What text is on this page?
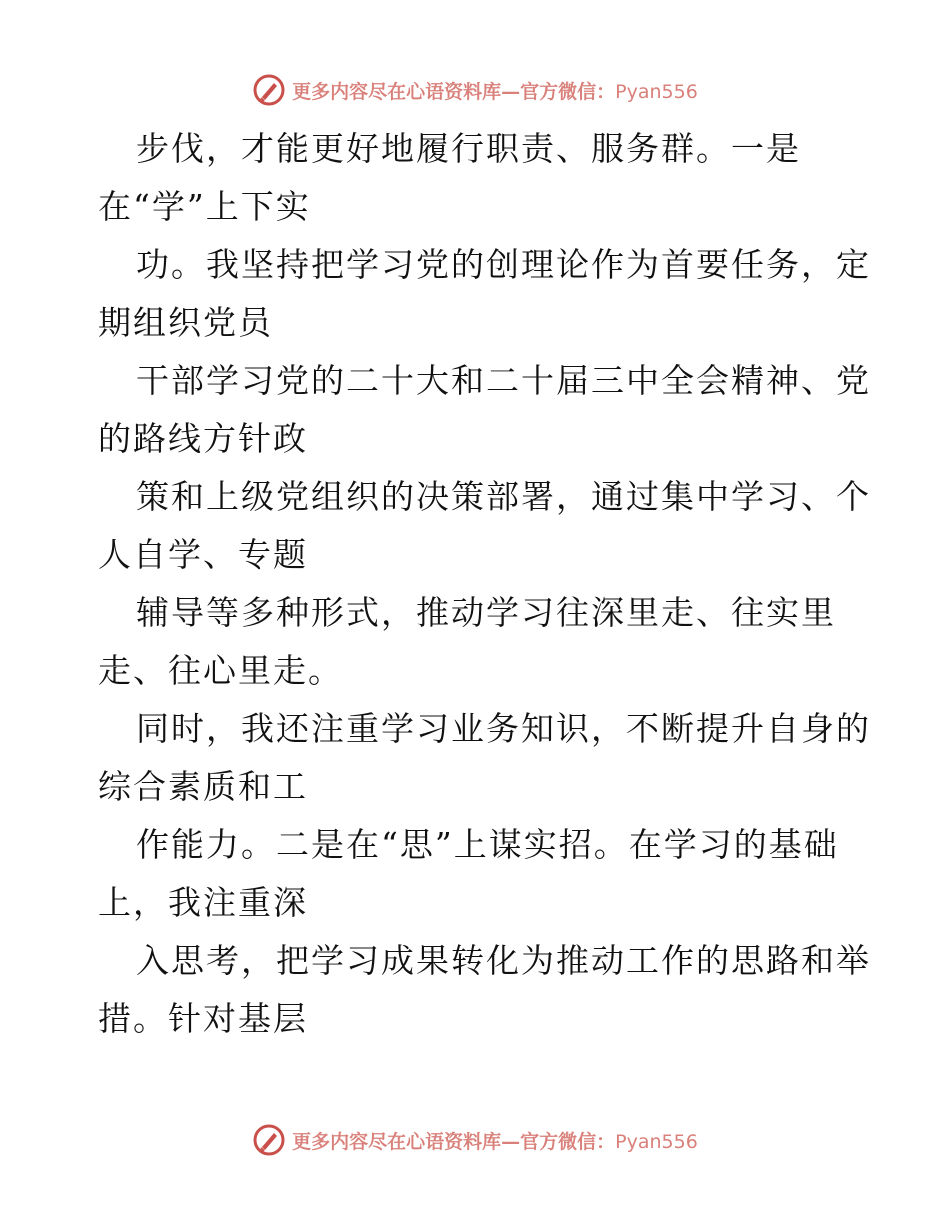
更多内容尽在心语资料库—官方微信：Pyan556
步伐，才能更好地履行职责、服务群。一是
在“学”上下实
功。我坚持把学习党的创理论作为首要任务，定
期组织党员
干部学习党的二十大和二十届三中全会精神、党
的路线方针政
策和上级党组织的决策部署，通过集中学习、个
人自学、专题
辅导等多种形式，推动学习往深里走、往实里
走、往心里走。
同时，我还注重学习业务知识，不断提升自身的
综合素质和工
作能力。二是在“思”上谋实招。在学习的基础
上，我注重深
入思考，把学习成果转化为推动工作的思路和举
措。针对基层
更多内容尽在心语资料库—官方微信：Pyan556
